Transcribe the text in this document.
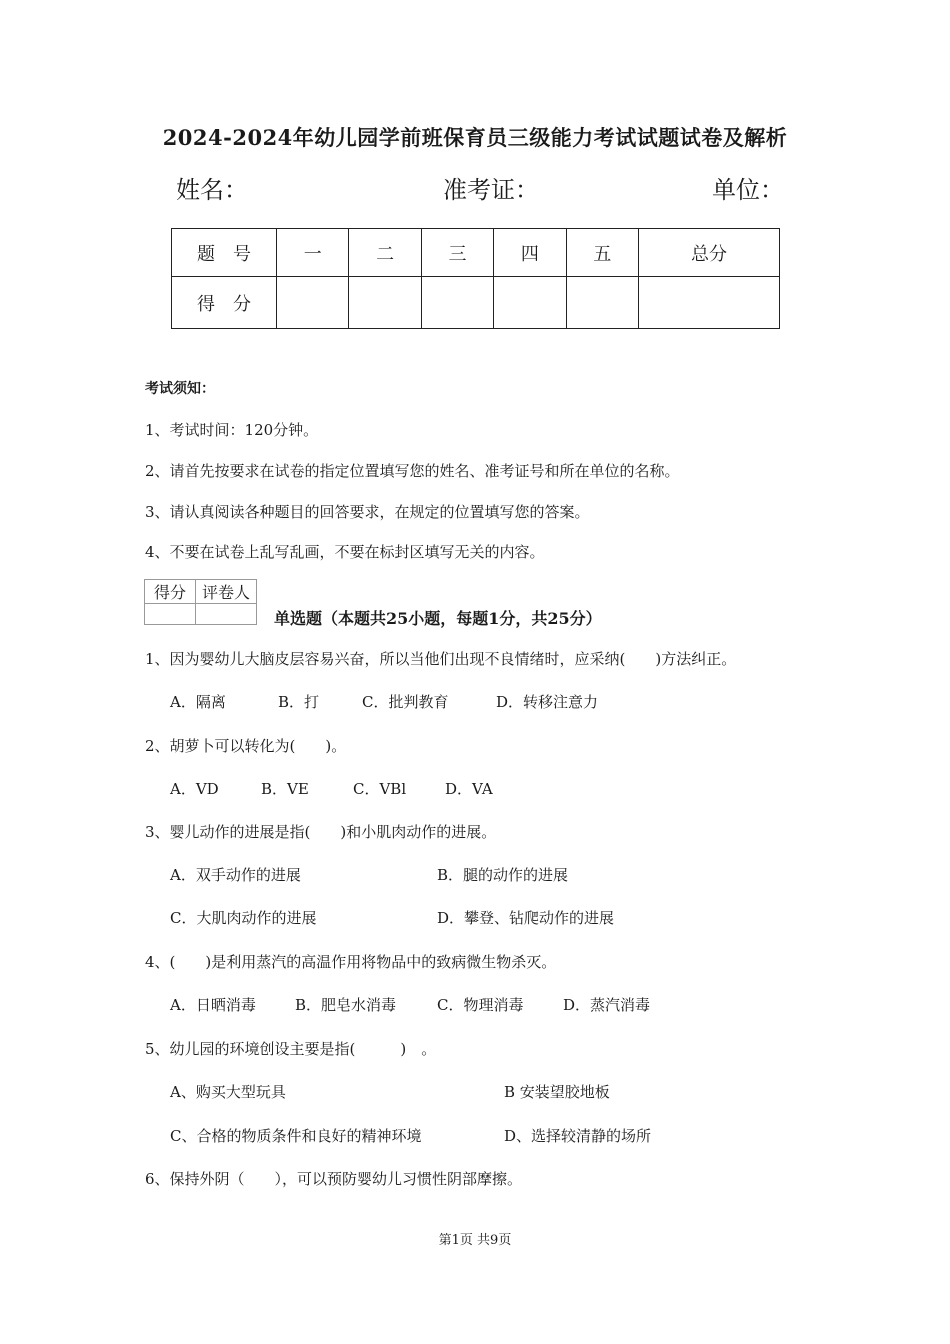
2024-2024年幼儿园学前班保育员三级能力考试试题试卷及解析
姓名：	准考证：	单位：
题号	一	二	三	四	五	总分
得分						
考试须知：
1、考试时间：120分钟。
2、请首先按要求在试卷的指定位置填写您的姓名、准考证号和所在单位的名称。
3、请认真阅读各种题目的回答要求，在规定的位置填写您的答案。
4、不要在试卷上乱写乱画，不要在标封区填写无关的内容。
得分	评卷人

单选题（本题共25小题，每题1分，共25分）
1、因为婴幼儿大脑皮层容易兴奋，所以当他们出现不良情绪时，应采纳(　　)方法纠正。
A．隔离	B．打	C．批判教育	D．转移注意力
2、胡萝卜可以转化为(　　)。
A．VD	B．VE	C．VBl	D．VA
3、婴儿动作的进展是指(　　)和小肌肉动作的进展。
A．双手动作的进展	B．腿的动作的进展
C．大肌肉动作的进展	D．攀登、钻爬动作的进展
4、(　　)是利用蒸汽的高温作用将物品中的致病微生物杀灭。
A．日晒消毒	B．肥皂水消毒	C．物理消毒	D．蒸汽消毒
5、幼儿园的环境创设主要是指(　　　)　。
A、购买大型玩具	B 安装望胶地板
C、合格的物质条件和良好的精神环境	D、选择较清静的场所
6、保持外阴（　　），可以预防婴幼儿习惯性阴部摩擦。
第1页 共9页
